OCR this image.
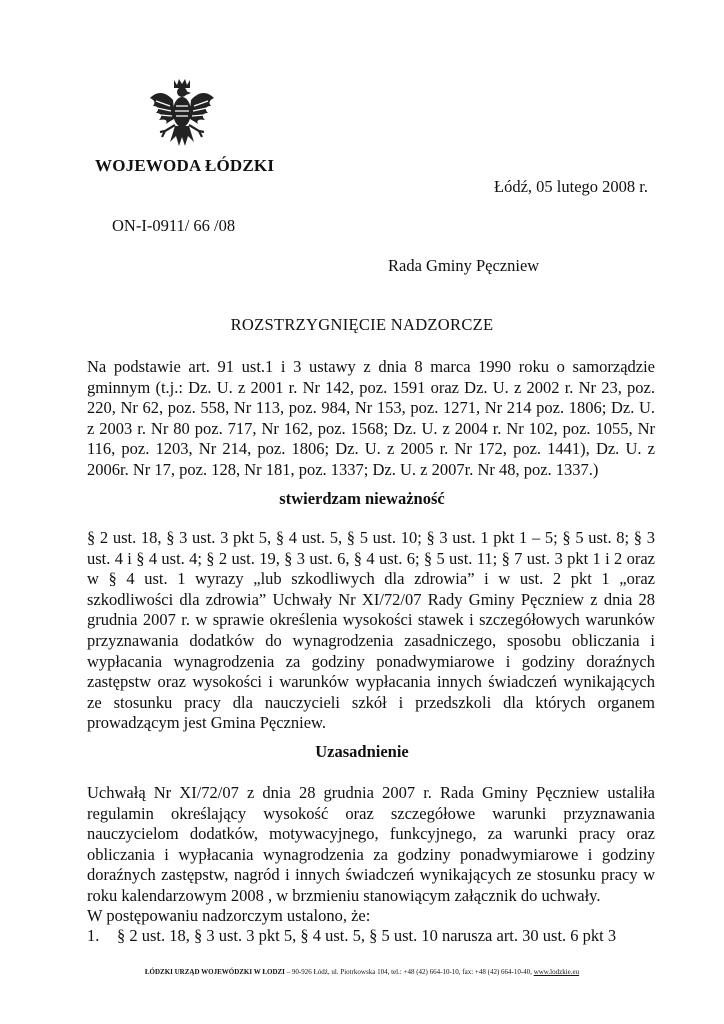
WOJEWODA ŁÓDZKI
Łódź, 05 lutego 2008 r.
ON-I-0911/ 66 /08
Rada Gminy Pęczniew
ROZSTRZYGNIĘCIE NADZORCZE

Na podstawie art. 91 ust.1 i 3 ustawy z dnia 8 marca 1990 roku o samorządzie gminnym (t.j.: Dz. U. z 2001 r. Nr 142, poz. 1591 oraz Dz. U. z 2002 r. Nr 23, poz. 220, Nr 62, poz. 558, Nr 113, poz. 984, Nr 153, poz. 1271, Nr 214 poz. 1806; Dz. U. z 2003 r. Nr 80 poz. 717, Nr 162, poz. 1568; Dz. U. z 2004 r. Nr 102, poz. 1055, Nr 116, poz. 1203, Nr 214, poz. 1806; Dz. U. z 2005 r. Nr 172, poz. 1441), Dz. U. z 2006r. Nr 17, poz. 128, Nr 181, poz. 1337; Dz. U. z 2007r. Nr 48, poz. 1337.)

stwierdzam nieważność

§ 2 ust. 18, § 3 ust. 3 pkt 5, § 4 ust. 5, § 5 ust. 10; § 3 ust. 1 pkt 1 – 5; § 5 ust. 8; § 3 ust. 4 i § 4 ust. 4; § 2 ust. 19, § 3 ust. 6, § 4 ust. 6; § 5 ust. 11; § 7 ust. 3 pkt 1 i 2 oraz w § 4 ust. 1 wyrazy „lub szkodliwych dla zdrowia” i w ust. 2 pkt 1 „oraz szkodliwości dla zdrowia” Uchwały Nr XI/72/07 Rady Gminy Pęczniew z dnia 28 grudnia 2007 r. w sprawie określenia wysokości stawek i szczegółowych warunków przyznawania dodatków do wynagrodzenia zasadniczego, sposobu obliczania i wypłacania wynagrodzenia za godziny ponadwymiarowe i godziny doraźnych zastępstw oraz wysokości i warunków wypłacania innych świadczeń wynikających ze stosunku pracy dla nauczycieli szkół i przedszkoli dla których organem prowadzącym jest Gmina Pęczniew.

Uzasadnienie

Uchwałą Nr XI/72/07 z dnia 28 grudnia 2007 r. Rada Gminy Pęczniew ustaliła regulamin określający wysokość oraz szczegółowe warunki przyznawania nauczycielom dodatków, motywacyjnego, funkcyjnego, za warunki pracy oraz obliczania i wypłacania wynagrodzenia za godziny ponadwymiarowe i godziny doraźnych zastępstw, nagród i innych świadczeń wynikających ze stosunku pracy w roku kalendarzowym 2008 , w brzmieniu stanowiącym załącznik do uchwały.

W postępowaniu nadzorczym ustalono, że:
1. § 2 ust. 18, § 3 ust. 3 pkt 5, § 4 ust. 5, § 5 ust. 10 narusza art. 30 ust. 6 pkt 3
ŁÓDZKI URZĄD WOJEWÓDZKI W ŁODZI – 90-926 Łódź, ul. Piotrkowska 104, tel.: +48 (42) 664-10-10, fax: +48 (42) 664-10-40, www.lodzkie.eu
